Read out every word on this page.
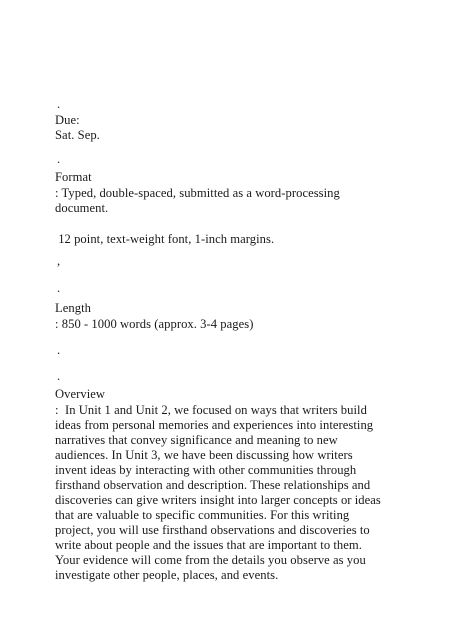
.
Due:
Sat. Sep.
.
Format
: Typed, double-spaced, submitted as a word-processing
document.
12 point, text-weight font, 1-inch margins.
,
.
Length
: 850 - 1000 words (approx. 3-4 pages)
.
.
Overview
:  In Unit 1 and Unit 2, we focused on ways that writers build
ideas from personal memories and experiences into interesting
narratives that convey significance and meaning to new
audiences. In Unit 3, we have been discussing how writers
invent ideas by interacting with other communities through
firsthand observation and description. These relationships and
discoveries can give writers insight into larger concepts or ideas
that are valuable to specific communities. For this writing
project, you will use firsthand observations and discoveries to
write about people and the issues that are important to them.
Your evidence will come from the details you observe as you
investigate other people, places, and events.
